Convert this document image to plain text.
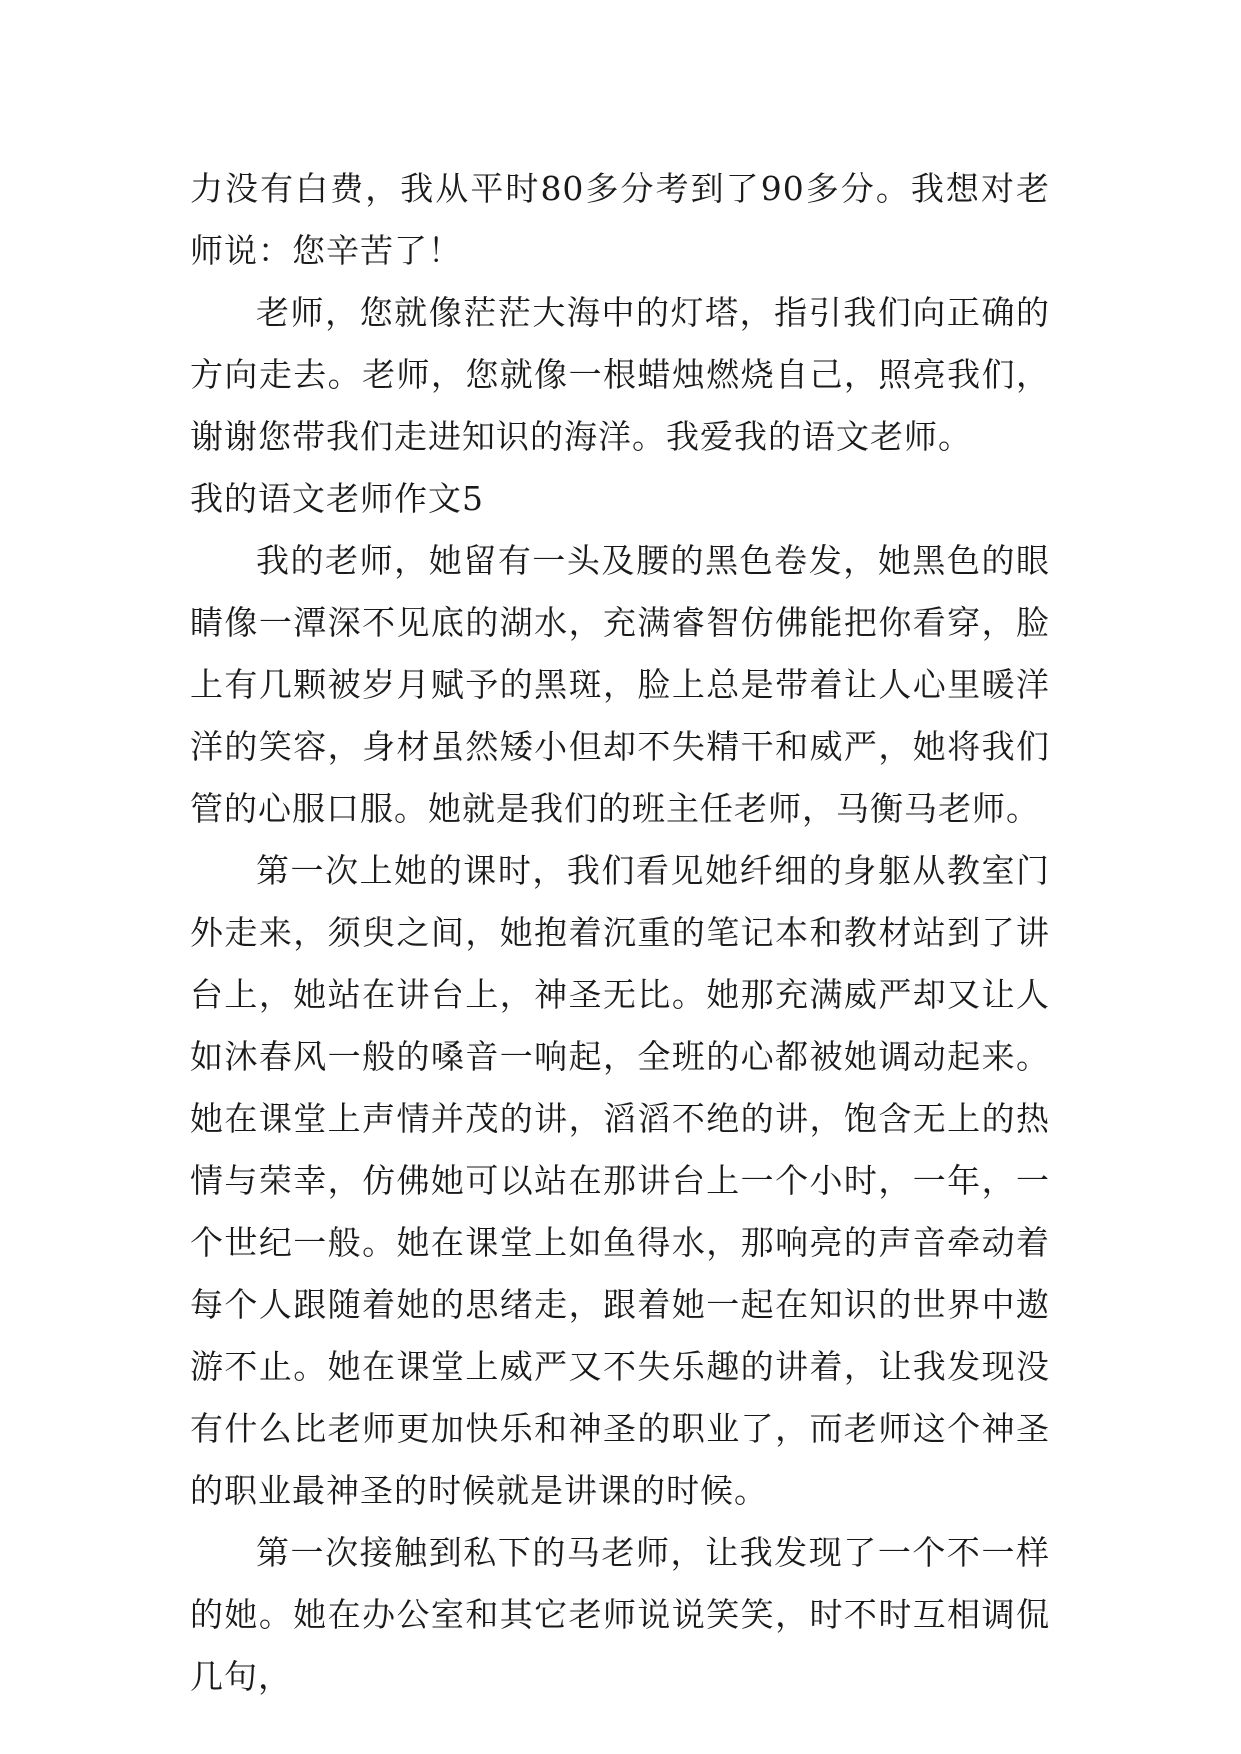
力没有白费，我从平时80多分考到了90多分。我想对老师说：您辛苦了！

老师，您就像茫茫大海中的灯塔，指引我们向正确的方向走去。老师，您就像一根蜡烛燃烧自己，照亮我们，谢谢您带我们走进知识的海洋。我爱我的语文老师。

我的语文老师作文5

我的老师，她留有一头及腰的黑色卷发，她黑色的眼睛像一潭深不见底的湖水，充满睿智仿佛能把你看穿，脸上有几颗被岁月赋予的黑斑，脸上总是带着让人心里暖洋洋的笑容，身材虽然矮小但却不失精干和威严，她将我们管的心服口服。她就是我们的班主任老师，马衡马老师。

第一次上她的课时，我们看见她纤细的身躯从教室门外走来，须臾之间，她抱着沉重的笔记本和教材站到了讲台上，她站在讲台上，神圣无比。她那充满威严却又让人如沐春风一般的嗓音一响起，全班的心都被她调动起来。她在课堂上声情并茂的讲，滔滔不绝的讲，饱含无上的热情与荣幸，仿佛她可以站在那讲台上一个小时，一年，一个世纪一般。她在课堂上如鱼得水，那响亮的声音牵动着每个人跟随着她的思绪走，跟着她一起在知识的世界中遨游不止。她在课堂上威严又不失乐趣的讲着，让我发现没有什么比老师更加快乐和神圣的职业了，而老师这个神圣的职业最神圣的时候就是讲课的时候。

第一次接触到私下的马老师，让我发现了一个不一样的她。她在办公室和其它老师说说笑笑，时不时互相调侃几句，
